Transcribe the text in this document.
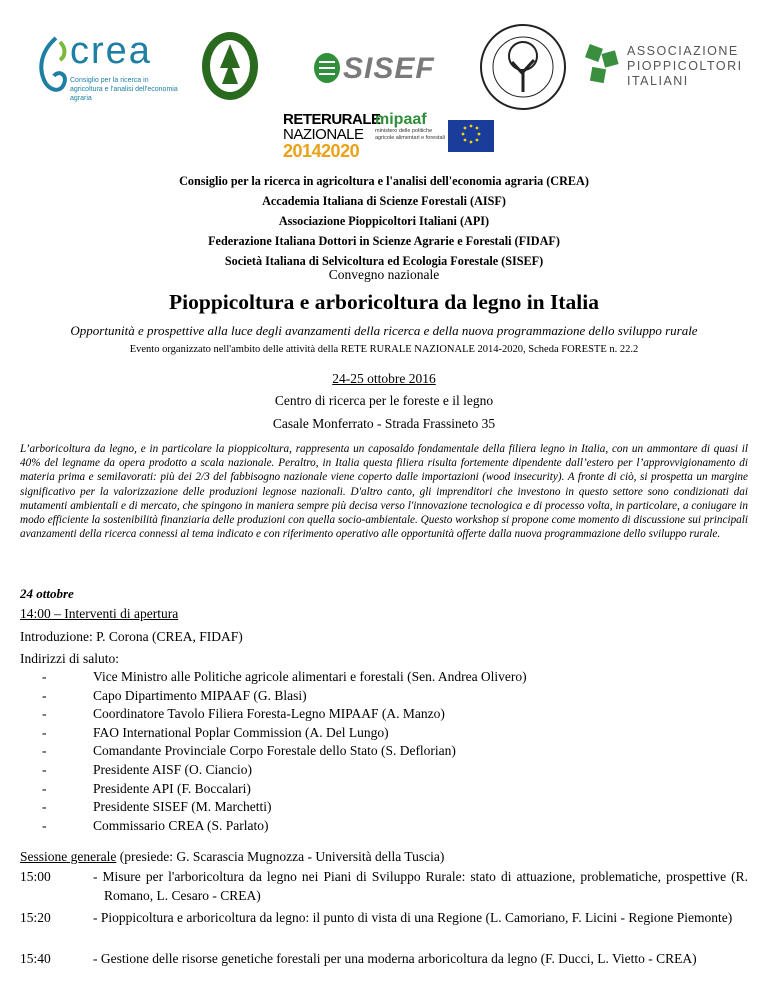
crea
Consiglio per la ricerca in agricoltura e l'analisi dell'economia agraria
SISEF
ASSOCIAZIONE
PIOPPICOLTORI
ITALIANI
RETERURALE
NAZIONALE
20142020
mipaaf
ministero delle politiche agricole alimentari e forestali
Consiglio per la ricerca in agricoltura e l'analisi dell'economia agraria (CREA)
Accademia Italiana di Scienze Forestali (AISF)
Associazione Pioppicoltori Italiani (API)
Federazione Italiana Dottori in Scienze Agrarie e Forestali (FIDAF)
Società Italiana di Selvicoltura ed Ecologia Forestale (SISEF)
Convegno nazionale
Pioppicoltura e arboricoltura da legno in Italia
Opportunità e prospettive alla luce degli avanzamenti della ricerca e della nuova programmazione dello sviluppo rurale
Evento organizzato nell'ambito delle attività della RETE RURALE NAZIONALE 2014-2020, Scheda FORESTE n. 22.2
24-25 ottobre 2016
Centro di ricerca per le foreste e il legno
Casale Monferrato - Strada Frassineto 35
L’arboricoltura da legno, e in particolare la pioppicoltura, rappresenta un caposaldo fondamentale della filiera legno in Italia, con un ammontare di quasi il 40% del legname da opera prodotto a scala nazionale. Peraltro, in Italia questa filiera risulta fortemente dipendente dall’estero per l’approvvigionamento di materia prima e semilavorati: più dei 2/3 del fabbisogno nazionale viene coperto dalle importazioni (wood insecurity). A fronte di ciò, si prospetta un margine significativo per la valorizzazione delle produzioni legnose nazionali. D'altro canto, gli imprenditori che investono in questo settore sono condizionati dai mutamenti ambientali e di mercato, che spingono in maniera sempre più decisa verso l'innovazione tecnologica e di processo volta, in particolare, a coniugare in modo efficiente la sostenibilità finanziaria delle produzioni con quella socio-ambientale. Questo workshop si propone come momento di discussione sui principali avanzamenti della ricerca connessi al tema indicato e con riferimento operativo alle opportunità offerte dalla nuova programmazione dello sviluppo rurale.
24 ottobre
14:00 – Interventi di apertura
Introduzione: P. Corona (CREA, FIDAF)
Indirizzi di saluto:
-	Vice Ministro alle Politiche agricole alimentari e forestali (Sen. Andrea Olivero)
-	Capo Dipartimento MIPAAF (G. Blasi)
-	Coordinatore Tavolo Filiera Foresta-Legno MIPAAF (A. Manzo)
-	FAO International Poplar Commission (A. Del Lungo)
-	Comandante Provinciale Corpo Forestale dello Stato (S. Deflorian)
-	Presidente AISF (O. Ciancio)
-	Presidente API (F. Boccalari)
-	Presidente SISEF (M. Marchetti)
-	Commissario CREA (S. Parlato)
Sessione generale (presiede: G. Scarascia Mugnozza - Università della Tuscia)
15:00	- Misure per l'arboricoltura da legno nei Piani di Sviluppo Rurale: stato di attuazione, problematiche, prospettive (R. Romano, L. Cesaro - CREA)
15:20	- Pioppicoltura e arboricoltura da legno: il punto di vista di una Regione (L. Camoriano, F. Licini - Regione Piemonte)
15:40	- Gestione delle risorse genetiche forestali per una moderna arboricoltura da legno (F. Ducci, L. Vietto - CREA)
